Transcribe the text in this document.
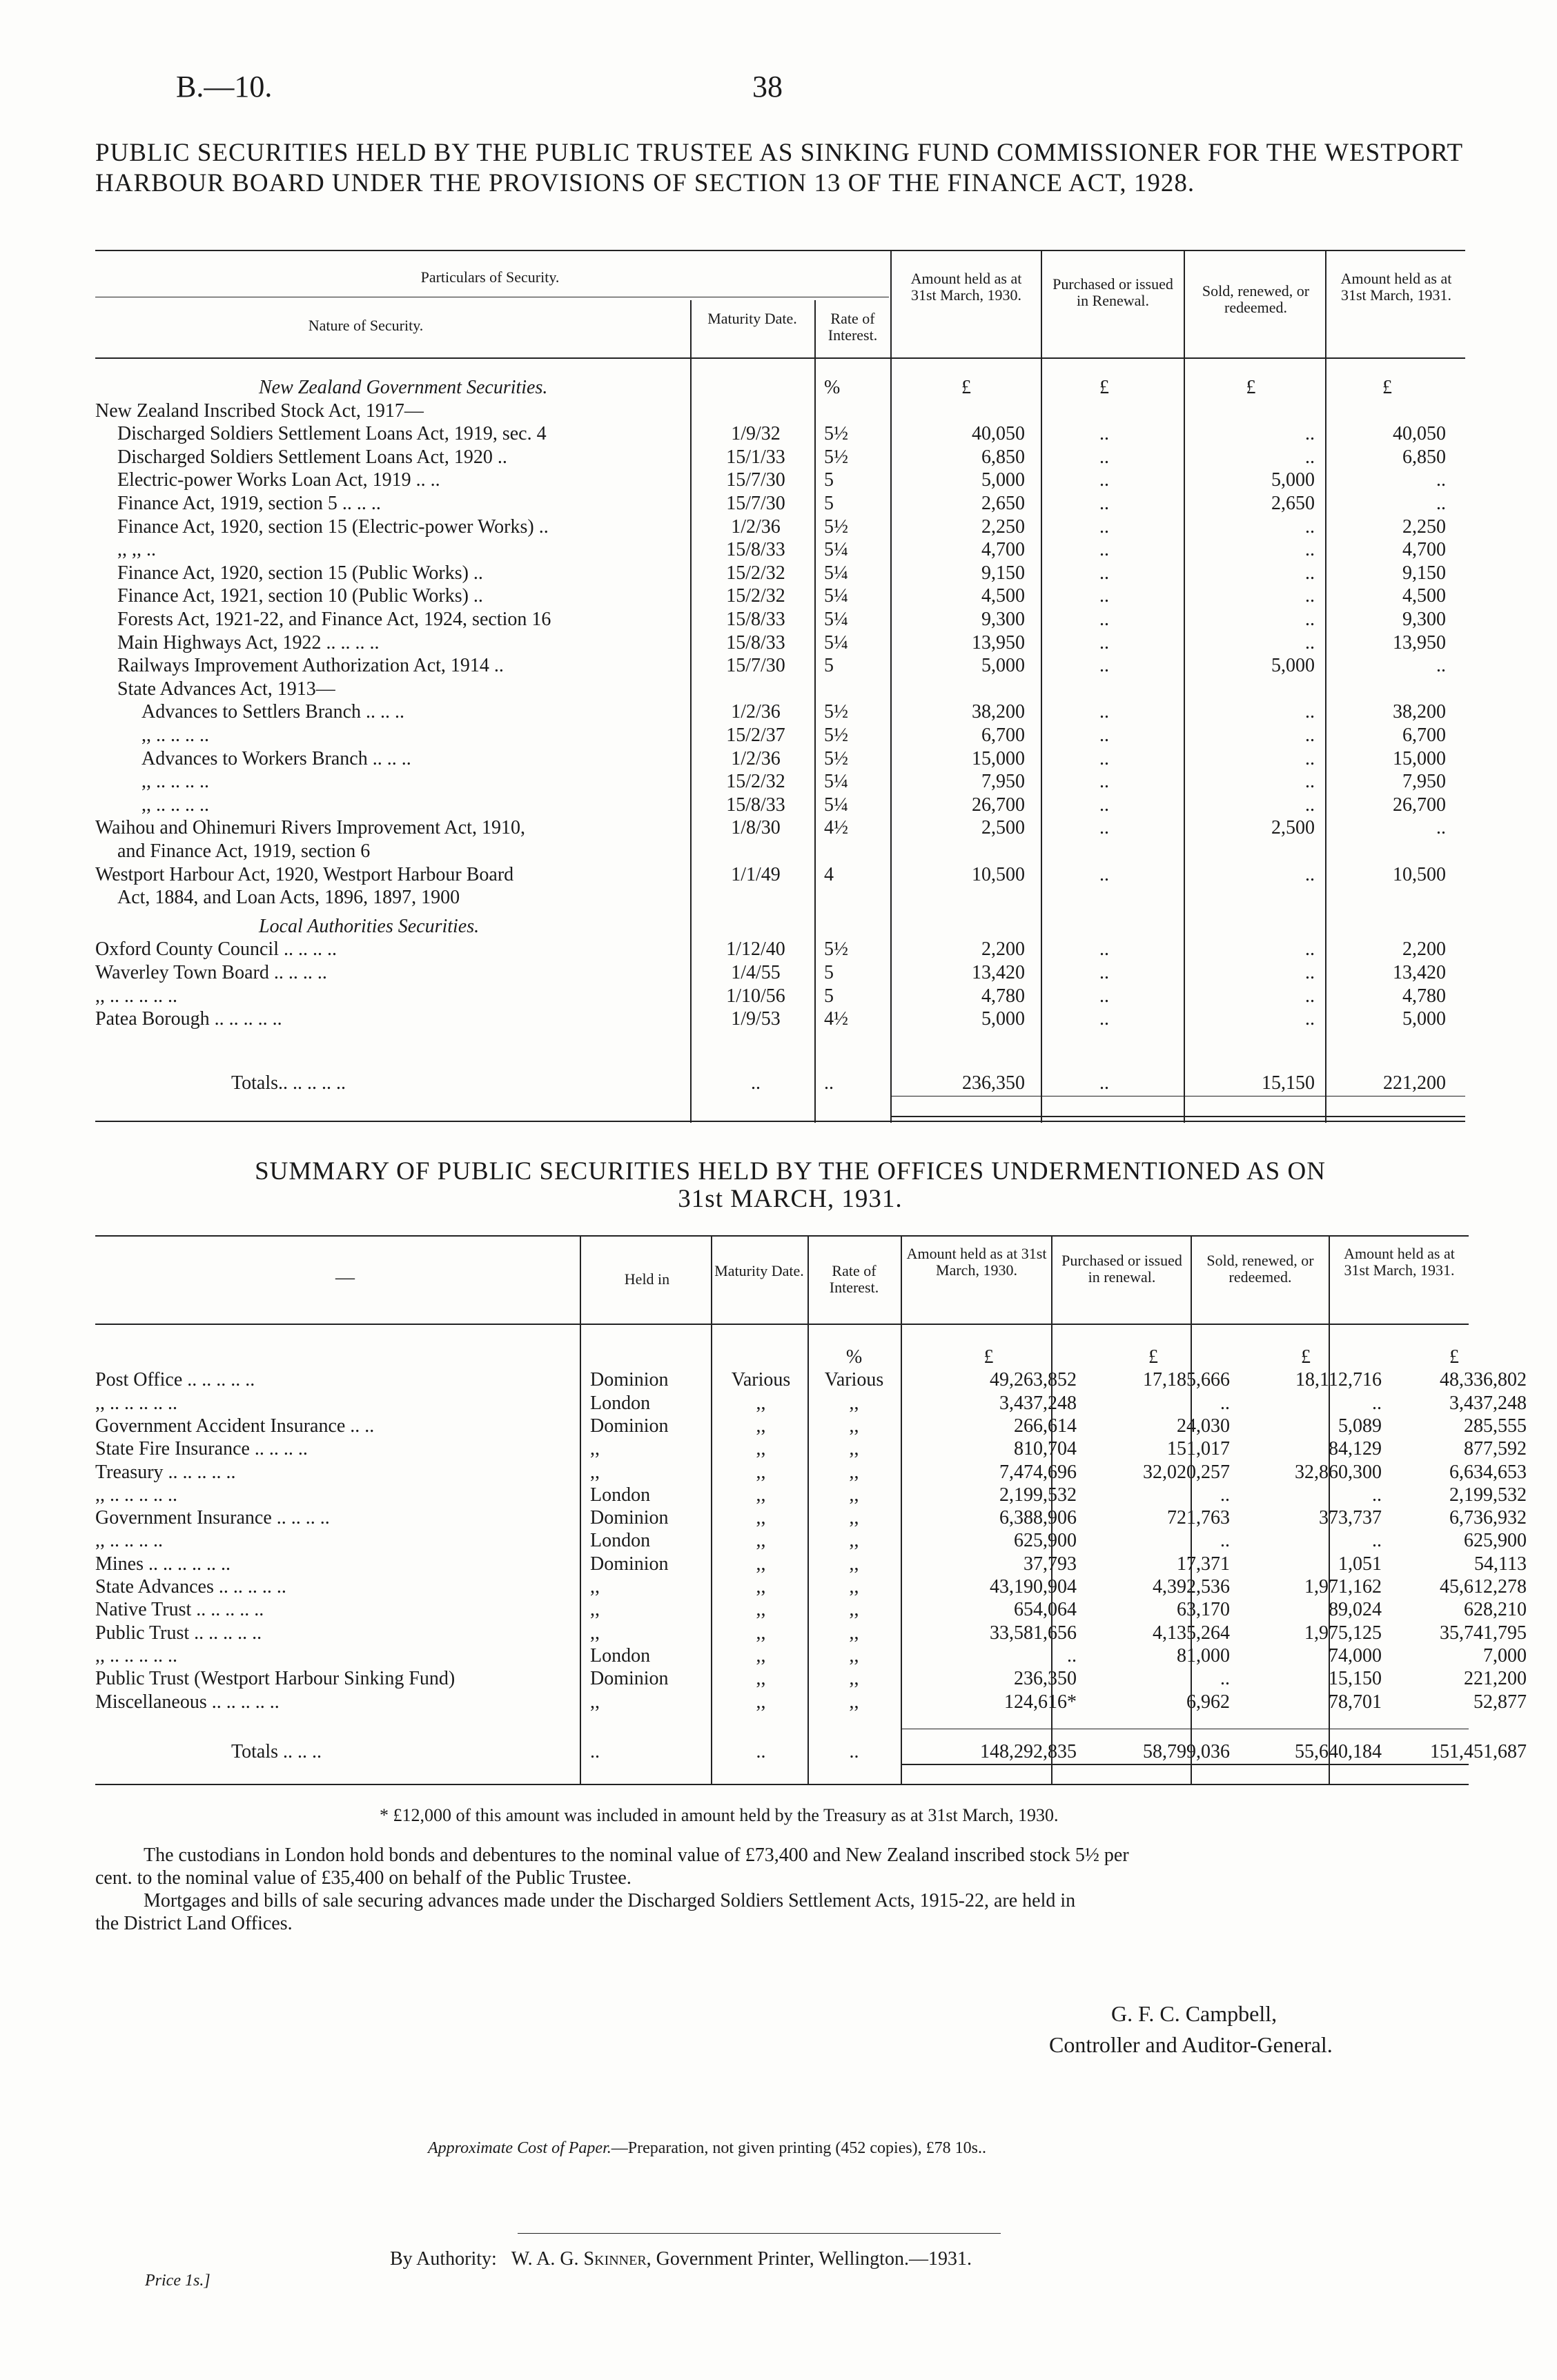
B.—10.	38
PUBLIC SECURITIES HELD BY THE PUBLIC TRUSTEE AS SINKING FUND COMMISSIONER FOR THE WESTPORT HARBOUR BOARD UNDER THE PROVISIONS OF SECTION 13 OF THE FINANCE ACT, 1928.
Particulars of Security.
Nature of Security.	Maturity Date.	Rate of Interest.
Amount held as at 31st March, 1930.
Purchased or issued in Renewal.
Sold, renewed, or redeemed.
Amount held as at 31st March, 1931.
New Zealand Government Securities.	%	£	£	£	£
New Zealand Inscribed Stock Act, 1917—
Discharged Soldiers Settlement Loans Act, 1919, sec. 4	1/9/32	5½	40,050	..	..	40,050
Discharged Soldiers Settlement Loans Act, 1920 ..	15/1/33	5½	6,850	..	..	6,850
Electric-power Works Loan Act, 1919 .. ..	15/7/30	5	5,000	..	5,000	..
Finance Act, 1919, section 5 .. .. ..	15/7/30	5	2,650	..	2,650	..
Finance Act, 1920, section 15 (Electric-power Works) ..	1/2/36	5½	2,250	..	..	2,250
,, ,, ..	15/8/33	5¼	4,700	..	..	4,700
Finance Act, 1920, section 15 (Public Works) ..	15/2/32	5¼	9,150	..	..	9,150
Finance Act, 1921, section 10 (Public Works) ..	15/2/32	5¼	4,500	..	..	4,500
Forests Act, 1921-22, and Finance Act, 1924, section 16	15/8/33	5¼	9,300	..	..	9,300
Main Highways Act, 1922 .. .. .. ..	15/8/33	5¼	13,950	..	..	13,950
Railways Improvement Authorization Act, 1914 ..	15/7/30	5	5,000	..	5,000	..
State Advances Act, 1913—
Advances to Settlers Branch .. .. ..	1/2/36	5½	38,200	..	..	38,200
,, .. .. .. ..	15/2/37	5½	6,700	..	..	6,700
Advances to Workers Branch .. .. ..	1/2/36	5½	15,000	..	..	15,000
,, .. .. .. ..	15/2/32	5¼	7,950	..	..	7,950
,, .. .. .. ..	15/8/33	5¼	26,700	..	..	26,700
Waihou and Ohinemuri Rivers Improvement Act, 1910,	1/8/30	4½	2,500	..	2,500	..
and Finance Act, 1919, section 6
Westport Harbour Act, 1920, Westport Harbour Board	1/1/49	4	10,500	..	..	10,500
Act, 1884, and Loan Acts, 1896, 1897, 1900
Local Authorities Securities.
Oxford County Council .. .. .. ..	1/12/40	5½	2,200	..	..	2,200
Waverley Town Board .. .. .. ..	1/4/55	5	13,420	..	..	13,420
,, .. .. .. .. ..	1/10/56	5	4,780	..	..	4,780
Patea Borough .. .. .. .. ..	1/9/53	4½	5,000	..	..	5,000
Totals.. .. .. .. ..	..	..	236,350	..	15,150	221,200
SUMMARY OF PUBLIC SECURITIES HELD BY THE OFFICES UNDERMENTIONED AS ON
31st MARCH, 1931.
—	Held in	Maturity Date.	Rate of Interest.
Amount held as at 31st March, 1930.
Purchased or issued in renewal.
Sold, renewed, or redeemed.
Amount held as at 31st March, 1931.
%	£	£	£	£
Post Office .. .. .. .. ..	Dominion	Various	Various	49,263,852	17,185,666	18,112,716	48,336,802
,, .. .. .. .. ..	London	,,	,,	3,437,248	..	..	3,437,248
Government Accident Insurance .. ..	Dominion	,,	,,	266,614	24,030	5,089	285,555
State Fire Insurance .. .. .. ..	,,	,,	,,	810,704	151,017	84,129	877,592
Treasury .. .. .. .. ..	,,	,,	,,	7,474,696	32,020,257	32,860,300	6,634,653
,, .. .. .. .. ..	London	,,	,,	2,199,532	..	..	2,199,532
Government Insurance .. .. .. ..	Dominion	,,	,,	6,388,906	721,763	373,737	6,736,932
,, .. .. .. ..	London	,,	,,	625,900	..	..	625,900
Mines .. .. .. .. .. ..	Dominion	,,	,,	37,793	17,371	1,051	54,113
State Advances .. .. .. .. ..	,,	,,	,,	43,190,904	4,392,536	1,971,162	45,612,278
Native Trust .. .. .. .. ..	,,	,,	,,	654,064	63,170	89,024	628,210
Public Trust .. .. .. .. ..	,,	,,	,,	33,581,656	4,135,264	1,975,125	35,741,795
,, .. .. .. .. ..	London	,,	,,	..	81,000	74,000	7,000
Public Trust (Westport Harbour Sinking Fund)	Dominion	,,	,,	236,350	..	15,150	221,200
Miscellaneous .. .. .. .. ..	,,	,,	,,	124,616*	6,962	78,701	52,877
Totals .. .. ..	..	..	..	148,292,835	58,799,036	55,640,184	151,451,687
* £12,000 of this amount was included in amount held by the Treasury as at 31st March, 1930.
The custodians in London hold bonds and debentures to the nominal value of £73,400 and New Zealand inscribed stock 5½ per
cent. to the nominal value of £35,400 on behalf of the Public Trustee.
Mortgages and bills of sale securing advances made under the Discharged Soldiers Settlement Acts, 1915-22, are held in
the District Land Offices.
G. F. C. Campbell,
Controller and Auditor-General.
Approximate Cost of Paper.—Preparation, not given printing (452 copies), £78 10s..
By Authority: W. A. G. Skinner, Government Printer, Wellington.—1931.
Price 1s.]
